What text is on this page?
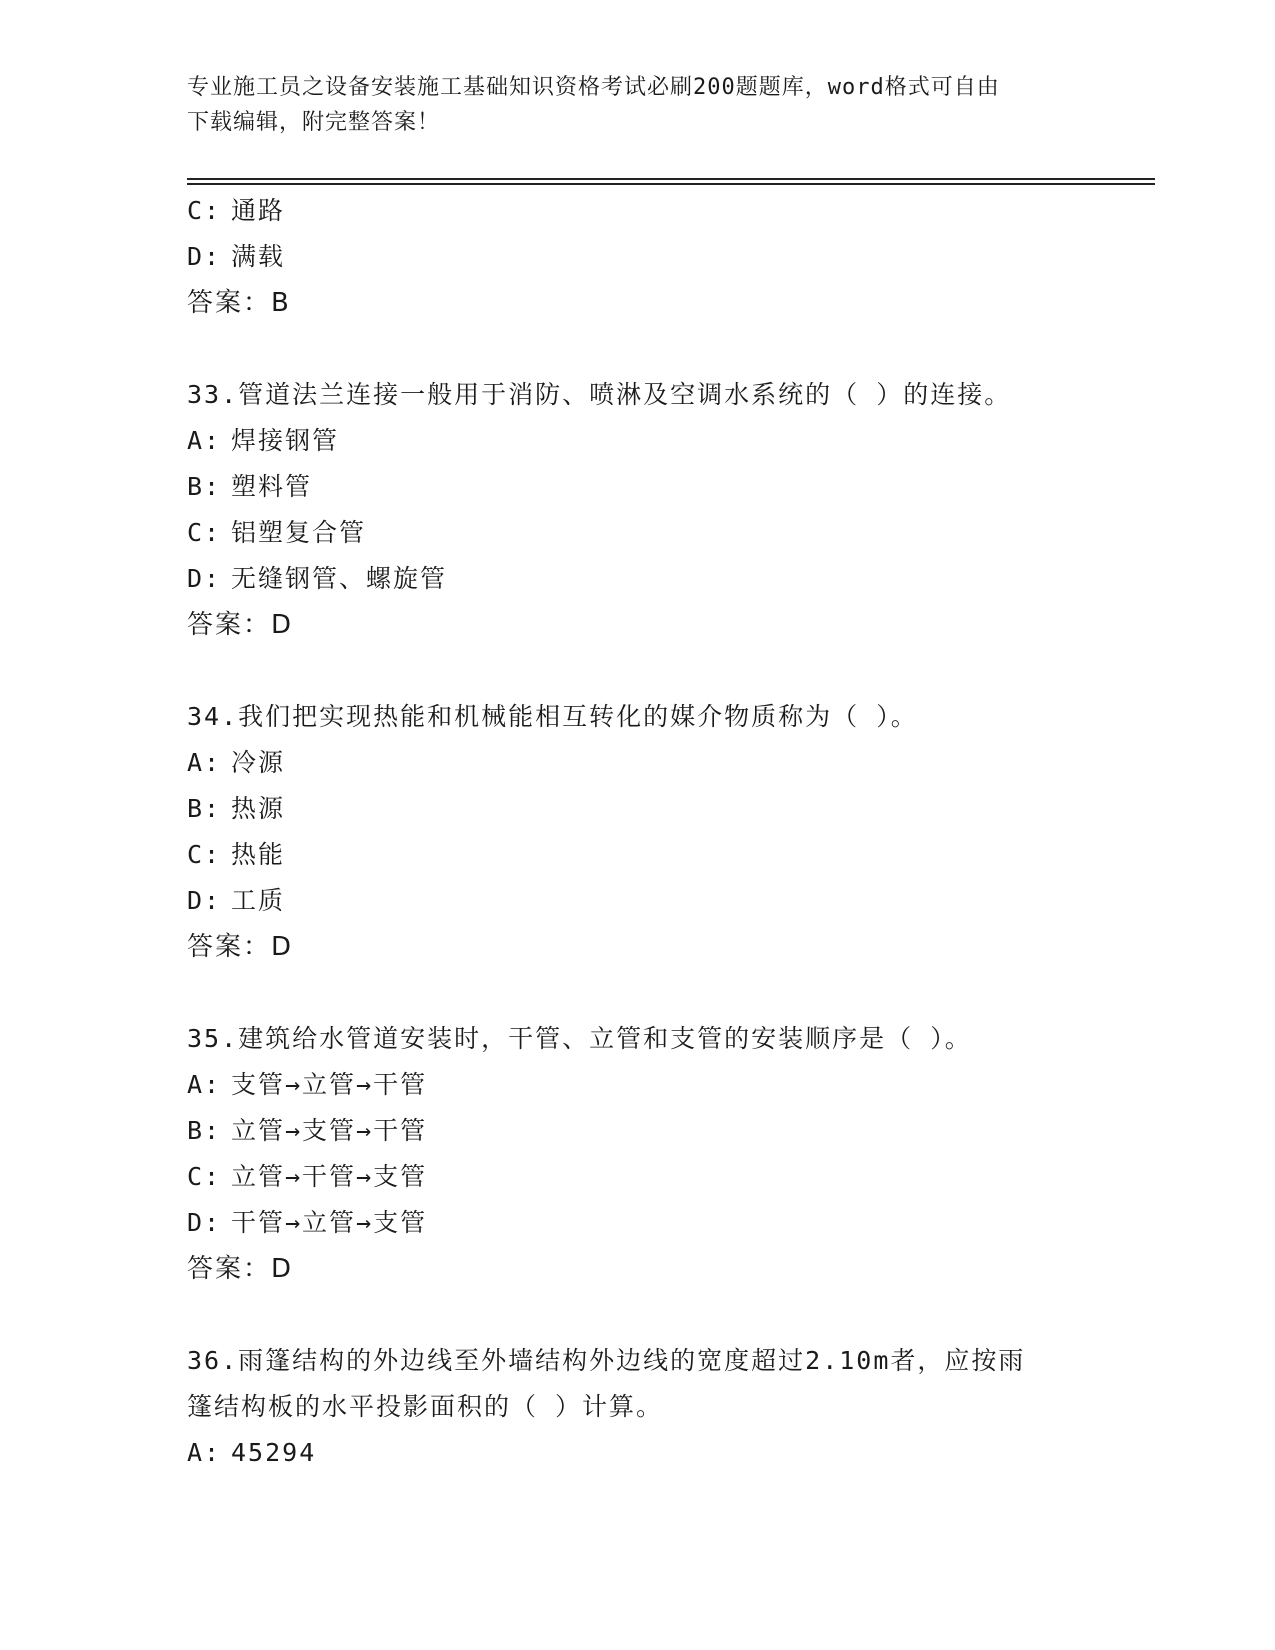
专业施工员之设备安装施工基础知识资格考试必刷200题题库，word格式可自由
下载编辑，附完整答案！
C: 通路
D: 满载
答案：B
33.管道法兰连接一般用于消防、喷淋及空调水系统的（ ）的连接。
A: 焊接钢管
B: 塑料管
C: 铝塑复合管
D: 无缝钢管、螺旋管
答案：D
34.我们把实现热能和机械能相互转化的媒介物质称为（ ）。
A: 冷源
B: 热源
C: 热能
D: 工质
答案：D
35.建筑给水管道安装时，干管、立管和支管的安装顺序是（ ）。
A: 支管→立管→干管
B: 立管→支管→干管
C: 立管→干管→支管
D: 干管→立管→支管
答案：D
36.雨篷结构的外边线至外墙结构外边线的宽度超过2.10m者，应按雨
篷结构板的水平投影面积的（ ）计算。
A: 45294
